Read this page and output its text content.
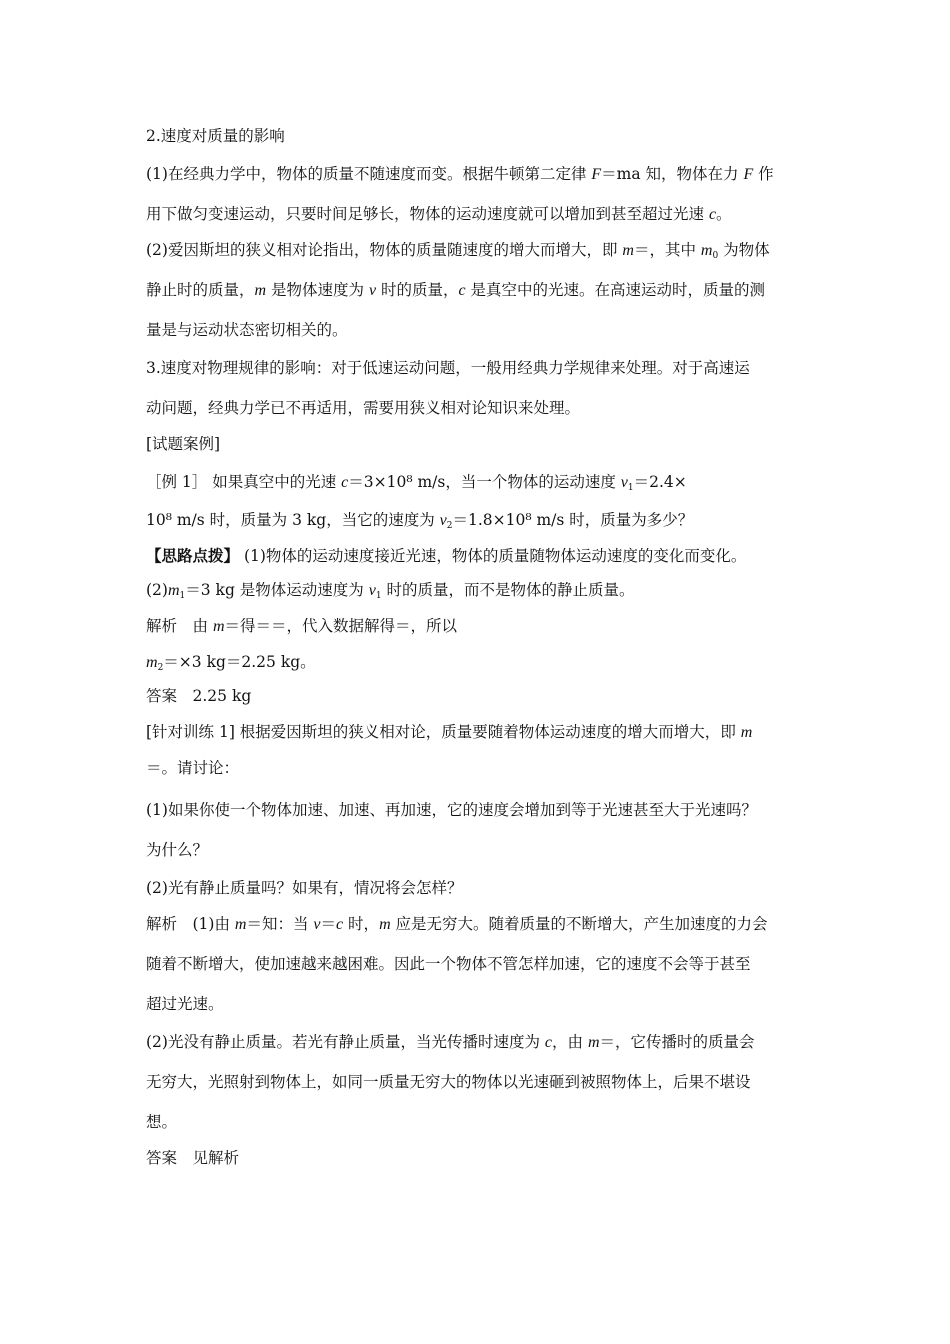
2.速度对质量的影响
(1)在经典力学中，物体的质量不随速度而变。根据牛顿第二定律 F＝ma 知，物体在力 F 作
用下做匀变速运动，只要时间足够长，物体的运动速度就可以增加到甚至超过光速 c。
(2)爱因斯坦的狭义相对论指出，物体的质量随速度的增大而增大，即 m＝，其中 $m_0$ 为物体
静止时的质量，m 是物体速度为 v 时的质量，c 是真空中的光速。在高速运动时，质量的测
量是与运动状态密切相关的。
3.速度对物理规律的影响：对于低速运动问题，一般用经典力学规律来处理。对于高速运
动问题，经典力学已不再适用，需要用狭义相对论知识来处理。
[试题案例]
［例 1］ 如果真空中的光速 c＝3×10⁸ m/s，当一个物体的运动速度 $v_1=2.4\times$
10⁸ m/s 时，质量为 3 kg，当它的速度为 $v_2=1.8\times 10^8$ m/s 时，质量为多少？
【思路点拨】 (1)物体的运动速度接近光速，物体的质量随物体运动速度的变化而变化。
$(2)m_1=3$ kg 是物体运动速度为 $v_1$ 时的质量，而不是物体的静止质量。
解析　由 m＝得＝＝，代入数据解得＝，所以
$m_2=\times 3$ kg＝2.25 kg。
答案　2.25 kg
[针对训练 1] 根据爱因斯坦的狭义相对论，质量要随着物体运动速度的增大而增大，即 m
＝。请讨论：
(1)如果你使一个物体加速、加速、再加速，它的速度会增加到等于光速甚至大于光速吗？
为什么？
(2)光有静止质量吗？如果有，情况将会怎样？
解析　(1)由 m＝知：当 v＝c 时，m 应是无穷大。随着质量的不断增大，产生加速度的力会
随着不断增大，使加速越来越困难。因此一个物体不管怎样加速，它的速度不会等于甚至
超过光速。
(2)光没有静止质量。若光有静止质量，当光传播时速度为 c，由 m＝，它传播时的质量会
无穷大，光照射到物体上，如同一质量无穷大的物体以光速砸到被照物体上，后果不堪设
想。
答案　见解析
